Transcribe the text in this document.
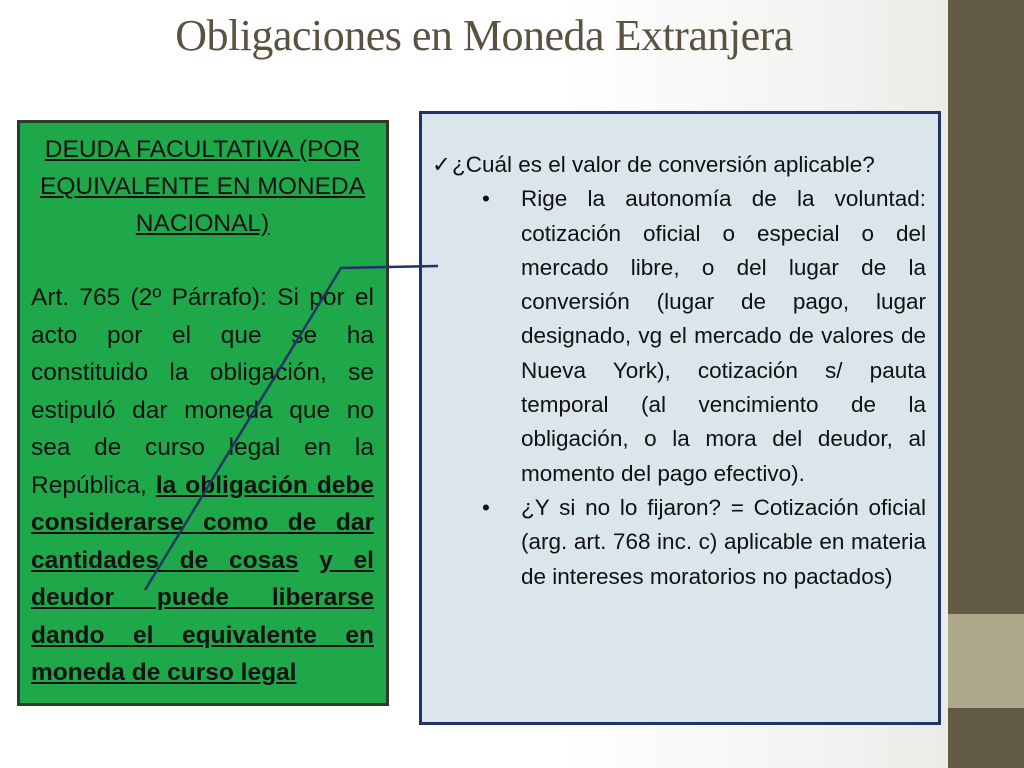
Obligaciones en Moneda Extranjera

DEUDA FACULTATIVA (POR EQUIVALENTE EN MONEDA NACIONAL)

Art. 765 (2º Párrafo): Si por el acto por el que se ha constituido la obligación, se estipuló dar moneda que no sea de curso legal en la República, la obligación debe considerarse como de dar cantidades de cosas y el deudor puede liberarse dando el equivalente en moneda de curso legal

✓¿Cuál es el valor de conversión aplicable?

• Rige la autonomía de la voluntad: cotización oficial o especial o del mercado libre, o del lugar de la conversión (lugar de pago, lugar designado, vg el mercado de valores de Nueva York), cotización s/ pauta temporal (al vencimiento de la obligación, o la mora del deudor, al momento del pago efectivo).
• ¿Y si no lo fijaron? = Cotización oficial (arg. art. 768 inc. c) aplicable en materia de intereses moratorios no pactados)
